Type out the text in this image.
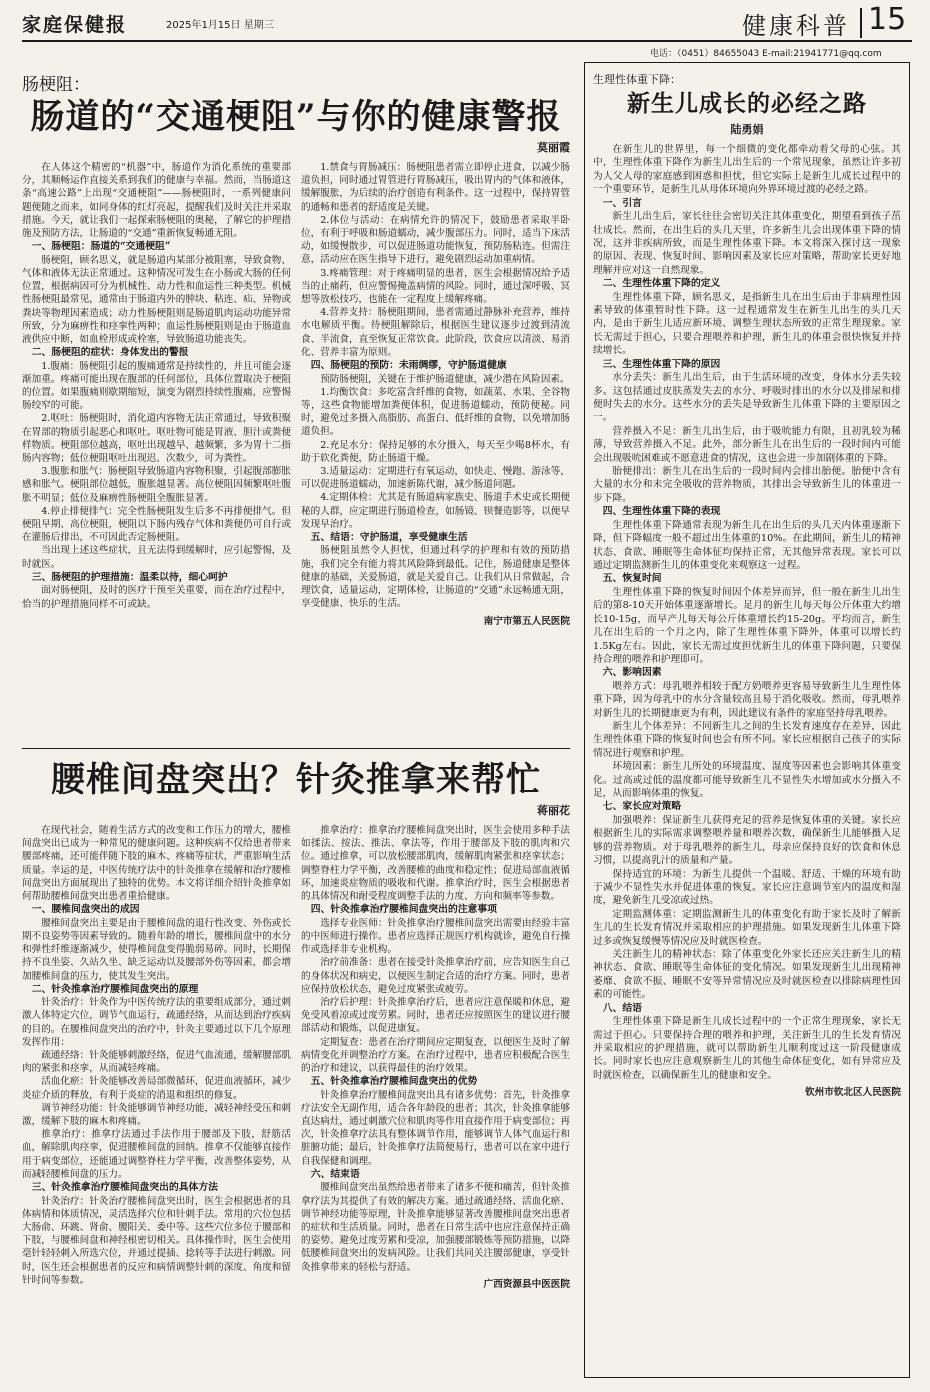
家庭保健报	2025年1月15日 星期三	健康科普 15
电话：（0451）84655043 E-mail:21941771@qq.com
肠梗阻：
肠道的“交通梗阻”与你的健康警报
莫丽霞

在人体这个精密的“机器”中，肠道作为消化系统的重要部分，其顺畅运作直接关系到我们的健康与幸福。然而，当肠道这条“高速公路”上出现“交通梗阻”——肠梗阻时，一系列健康问题便随之而来，如同身体的红灯亮起，提醒我们及时关注并采取措施。今天，就让我们一起探索肠梗阻的奥秘，了解它的护理措施及预防方法，让肠道的“交通”重新恢复畅通无阻。

一、肠梗阻：肠道的“交通梗阻”

肠梗阻，顾名思义，就是肠道内某部分被阻塞，导致食物、气体和液体无法正常通过。这种情况可发生在小肠或大肠的任何位置，根据病因可分为机械性、动力性和血运性三种类型。机械性肠梗阻最常见，通常由于肠道内外的肿块、粘连、疝、异物或粪块等物理因素造成；动力性肠梗阻则是肠道肌肉运动功能异常所致，分为麻痹性和痉挛性两种；血运性肠梗阻则是由于肠道血液供应中断，如血栓形成或栓塞，导致肠道功能丧失。

二、肠梗阻的症状：身体发出的警报

1.腹痛：肠梗阻引起的腹痛通常是持续性的，并且可能会逐渐加重。疼痛可能出现在腹部的任何部位，具体位置取决于梗阻的位置。如果腹痛则歇期缩短，演变为剧烈持续性腹痛，应警惕肠绞窄的可能。

2.呕吐：肠梗阻时，消化道内容物无法正常通过，导致积聚在胃部的物质引起恶心和呕吐。呕吐物可能是胃液、胆汁或粪便样物质。梗阻部位越高，呕吐出现越早、越频繁，多为胃十二指肠内容物；低位梗阻呕吐出现迟、次数少，可为粪性。

3.腹胀和胀气：肠梗阻导致肠道内容物积聚，引起腹部膨胀感和胀气。梗阻部位越低，腹胀越显著。高位梗阻因频繁呕吐腹胀不明显；低位及麻痹性肠梗阻全腹胀显著。

4.停止排便排气：完全性肠梗阻发生后多不再排便排气。但梗阻早期、高位梗阻，梗阻以下肠内残存气体和粪便仍可自行或在灌肠后排出，不可因此否定肠梗阻。

当出现上述这些症状，且无法得到缓解时，应引起警惕，及时就医。

三、肠梗阻的护理措施：温柔以待，细心呵护

面对肠梗阻，及时的医疗干预至关重要，而在治疗过程中，恰当的护理措施同样不可或缺。

1.禁食与胃肠减压：肠梗阻患者需立即停止进食，以减少肠道负担，同时通过胃管进行胃肠减压，吸出胃内的气体和液体，缓解腹胀，为后续的治疗创造有利条件。这一过程中，保持胃管的通畅和患者的舒适度是关键。

2.体位与活动：在病情允许的情况下，鼓励患者采取半卧位，有利于呼吸和肠道蠕动，减少腹部压力。同时，适当下床活动，如缓慢散步，可以促进肠道功能恢复，预防肠粘连。但需注意，活动应在医生指导下进行，避免剧烈运动加重病情。

3.疼痛管理：对于疼痛明显的患者，医生会根据情况给予适当的止痛药，但应警惕掩盖病情的风险。同时，通过深呼吸、冥想等放松技巧，也能在一定程度上缓解疼痛。

4.营养支持：肠梗阻期间，患者需通过静脉补充营养，维持水电解质平衡。待梗阻解除后，根据医生建议逐步过渡到清流食、半流食，直至恢复正常饮食。此阶段，饮食应以清淡、易消化、营养丰富为原则。

四、肠梗阻的预防：未雨绸缪，守护肠道健康

预防肠梗阻，关键在于维护肠道健康，减少潜在风险因素。

1.均衡饮食：多吃富含纤维的食物，如蔬菜、水果、全谷物等，这些食物能增加粪便体积，促进肠道蠕动，预防便秘。同时，避免过多摄入高脂肪、高蛋白、低纤维的食物，以免增加肠道负担。

2.充足水分：保持足够的水分摄入，每天至少喝8杯水，有助于软化粪便，防止肠道干燥。

3.适量运动：定期进行有氧运动，如快走、慢跑、游泳等，可以促进肠道蠕动，加速新陈代谢，减少肠道问题。

4.定期体检：尤其是有肠道病家族史、肠道手术史或长期便秘的人群，应定期进行肠道检查，如肠镜、钡餐造影等，以便早发现早治疗。

五、结语：守护肠道，享受健康生活

肠梗阻虽然令人担忧，但通过科学的护理和有效的预防措施，我们完全有能力将其风险降到最低。记住，肠道健康是整体健康的基础，关爱肠道，就是关爱自己。让我们从日常做起，合理饮食，适量运动，定期体检，让肠道的“交通”永远畅通无阻，享受健康、快乐的生活。

南宁市第五人民医院
腰椎间盘突出？针灸推拿来帮忙
蒋丽花

在现代社会，随着生活方式的改变和工作压力的增大，腰椎间盘突出已成为一种常见的健康问题。这种疾病不仅给患者带来腰部疼痛，还可能伴随下肢的麻木、疼痛等症状，严重影响生活质量。幸运的是，中医传统疗法中的针灸推拿在缓解和治疗腰椎间盘突出方面展现出了独特的优势。本文将详细介绍针灸推拿如何帮助腰椎间盘突出患者重拾健康。

一、腰椎间盘突出的成因

腰椎间盘突出主要是由于腰椎间盘的退行性改变、外伤或长期不良姿势等因素导致的。随着年龄的增长，腰椎间盘中的水分和弹性纤维逐渐减少，使得椎间盘变得脆弱易碎。同时，长期保持不良坐姿、久站久坐、缺乏运动以及腰部外伤等因素，都会增加腰椎间盘的压力，使其发生突出。

二、针灸推拿治疗腰椎间盘突出的原理

针灸治疗：针灸作为中医传统疗法的重要组成部分，通过刺激人体特定穴位，调节气血运行，疏通经络，从而达到治疗疾病的目的。在腰椎间盘突出的治疗中，针灸主要通过以下几个原理发挥作用：

疏通经络：针灸能够刺激经络，促进气血流通，缓解腰部肌肉的紧张和痉挛，从而减轻疼痛。

活血化瘀：针灸能够改善局部微循环，促进血液循环，减少炎症介质的释放，有利于炎症的消退和组织的修复。

调节神经功能：针灸能够调节神经功能，减轻神经受压和刺激，缓解下肢的麻木和疼痛。

推拿治疗：推拿疗法通过手法作用于腰部及下肢，舒筋活血，解除肌肉痉挛，促进腰椎间盘的回纳。推拿不仅能够直接作用于病变部位，还能通过调整脊柱力学平衡，改善整体姿势，从而减轻腰椎间盘的压力。

三、针灸推拿治疗腰椎间盘突出的具体方法

针灸治疗：针灸治疗腰椎间盘突出时，医生会根据患者的具体病情和体质情况，灵活选择穴位和针刺手法。常用的穴位包括大肠俞、环跳、肾俞、腰阳关、委中等。这些穴位多位于腰部和下肢，与腰椎间盘和神经根密切相关。具体操作时，医生会使用毫针轻轻刺入所选穴位，并通过提插、捻转等手法进行刺激。同时，医生还会根据患者的反应和病情调整针刺的深度、角度和留针时间等参数。

推拿治疗：推拿治疗腰椎间盘突出时，医生会使用多种手法如揉法、按法、推法、拿法等，作用于腰部及下肢的肌肉和穴位。通过推拿，可以放松腰部肌肉，缓解肌肉紧张和痉挛状态；调整脊柱力学平衡，改善腰椎的曲度和稳定性；促进局部血液循环，加速炎症物质的吸收和代谢。推拿治疗时，医生会根据患者的具体情况和耐受程度调整手法的力度、方向和频率等参数。

四、针灸推拿治疗腰椎间盘突出的注意事项

选择专业医师：针灸推拿治疗腰椎间盘突出需要由经验丰富的中医师进行操作。患者应选择正规医疗机构就诊，避免自行操作或选择非专业机构。

治疗前准备：患者在接受针灸推拿治疗前，应告知医生自己的身体状况和病史，以便医生制定合适的治疗方案。同时，患者应保持放松状态，避免过度紧张或疲劳。

治疗后护理：针灸推拿治疗后，患者应注意保暖和休息，避免受风着凉或过度劳累。同时，患者还应按照医生的建议进行腰部活动和锻炼，以促进康复。

定期复查：患者在治疗期间应定期复查，以便医生及时了解病情变化并调整治疗方案。在治疗过程中，患者应积极配合医生的治疗和建议，以获得最佳的治疗效果。

五、针灸推拿治疗腰椎间盘突出的优势

针灸推拿治疗腰椎间盘突出具有诸多优势：首先，针灸推拿疗法安全无副作用，适合各年龄段的患者；其次，针灸推拿能够直达病灶，通过刺激穴位和肌肉等作用直接作用于病变部位；再次，针灸推拿疗法具有整体调节作用，能够调节人体气血运行和脏腑功能；最后，针灸推拿疗法简便易行，患者可以在家中进行自我保健和调理。

六、结束语

腰椎间盘突出虽然给患者带来了诸多不便和痛苦，但针灸推拿疗法为其提供了有效的解决方案。通过疏通经络、活血化瘀、调节神经功能等原理，针灸推拿能够显著改善腰椎间盘突出患者的症状和生活质量。同时，患者在日常生活中也应注意保持正确的姿势、避免过度劳累和受凉，加强腰部锻炼等预防措施，以降低腰椎间盘突出的发病风险。让我们共同关注腰部健康，享受针灸推拿带来的轻松与舒适。

广西资源县中医医院
生理性体重下降：
新生儿成长的必经之路
陆勇娟

在新生儿的世界里，每一个细微的变化都牵动着父母的心弦。其中，生理性体重下降作为新生儿出生后的一个常见现象，虽然让许多初为人父人母的家庭感到困惑和担忧，但它实际上是新生儿成长过程中的一个重要环节，是新生儿从母体环境向外界环境过渡的必经之路。

一、引言

新生儿出生后，家长往往会密切关注其体重变化，期望看到孩子茁壮成长。然而，在出生后的头几天里，许多新生儿会出现体重下降的情况，这并非疾病所致，而是生理性体重下降。本文将深入探讨这一现象的原因、表现、恢复时间、影响因素及家长应对策略，帮助家长更好地理解并应对这一自然现象。

二、生理性体重下降的定义

生理性体重下降，顾名思义，是指新生儿在出生后由于非病理性因素导致的体重暂时性下降。这一过程通常发生在新生儿出生的头几天内，是由于新生儿适应新环境、调整生理状态所致的正常生理现象。家长无需过于担心，只要合理喂养和护理，新生儿的体重会很快恢复并持续增长。

三、生理性体重下降的原因

水分丢失：新生儿出生后，由于生活环境的改变，身体水分丢失较多。这包括通过皮肤蒸发失去的水分、呼吸时排出的水分以及排尿和排便时失去的水分。这些水分的丢失是导致新生儿体重下降的主要原因之一。

营养摄入不足：新生儿出生后，由于吸吮能力有限，且初乳较为稀薄，导致营养摄入不足。此外，部分新生儿在出生后的一段时间内可能会出现吸吮困难或不愿意进食的情况，这也会进一步加剧体重的下降。

胎便排出：新生儿在出生后的一段时间内会排出胎便。胎便中含有大量的水分和未完全吸收的营养物质，其排出会导致新生儿的体重进一步下降。

四、生理性体重下降的表现

生理性体重下降通常表现为新生儿在出生后的头几天内体重逐渐下降，但下降幅度一般不超过出生体重的10%。在此期间，新生儿的精神状态、食欲、睡眠等生命体征均保持正常，无其他异常表现。家长可以通过定期监测新生儿的体重变化来观察这一过程。

五、恢复时间

生理性体重下降的恢复时间因个体差异而异，但一般在新生儿出生后的第8-10天开始体重逐渐增长。足月的新生儿每天每公斤体重大约增长10-15g，而早产儿每天每公斤体重增长约15-20g。平均而言，新生儿在出生后的一个月之内，除了生理性体重下降外，体重可以增长约1.5Kg左右。因此，家长无需过度担忧新生儿的体重下降问题，只要保持合理的喂养和护理即可。

六、影响因素

喂养方式：母乳喂养相较于配方奶喂养更容易导致新生儿生理性体重下降，因为母乳中的水分含量较高且易于消化吸收。然而，母乳喂养对新生儿的长期健康更为有利，因此建议有条件的家庭坚持母乳喂养。

新生儿个体差异：不同新生儿之间的生长发育速度存在差异，因此生理性体重下降的恢复时间也会有所不同。家长应根据自己孩子的实际情况进行观察和护理。

环境因素：新生儿所处的环境温度、湿度等因素也会影响其体重变化。过高或过低的温度都可能导致新生儿不显性失水增加或水分摄入不足，从而影响体重的恢复。

七、家长应对策略

加强喂养：保证新生儿获得充足的营养是恢复体重的关键。家长应根据新生儿的实际需求调整喂养量和喂养次数，确保新生儿能够摄入足够的营养物质。对于母乳喂养的新生儿，母亲应保持良好的饮食和休息习惯，以提高乳汁的质量和产量。

保持适宜的环境：为新生儿提供一个温暖、舒适、干燥的环境有助于减少不显性失水并促进体重的恢复。家长应注意调节室内的温度和湿度，避免新生儿受凉或过热。

定期监测体重：定期监测新生儿的体重变化有助于家长及时了解新生儿的生长发育情况并采取相应的护理措施。如果发现新生儿体重下降过多或恢复缓慢等情况应及时就医检查。

关注新生儿的精神状态：除了体重变化外家长还应关注新生儿的精神状态、食欲、睡眠等生命体征的变化情况。如果发现新生儿出现精神萎靡、食欲不振、睡眠不安等异常情况应及时就医检查以排除病理性因素的可能性。

八、结语

生理性体重下降是新生儿成长过程中的一个正常生理现象，家长无需过于担心。只要保持合理的喂养和护理，关注新生儿的生长发育情况并采取相应的护理措施，就可以帮助新生儿顺利度过这一阶段健康成长。同时家长也应注意观察新生儿的其他生命体征变化，如有异常应及时就医检查，以确保新生儿的健康和安全。

钦州市钦北区人民医院
